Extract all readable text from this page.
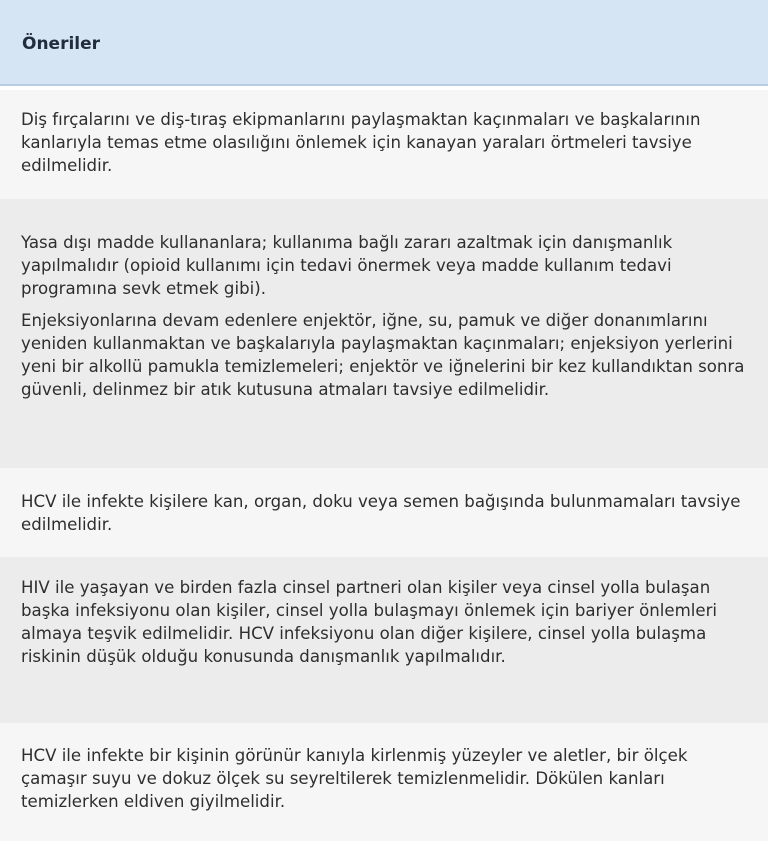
Öneriler

Diş fırçalarını ve diş-tıraş ekipmanlarını paylaşmaktan kaçınmaları ve başkalarının kanlarıyla temas etme olasılığını önlemek için kanayan yaraları örtmeleri tavsiye edilmelidir.

Yasa dışı madde kullananlara; kullanıma bağlı zararı azaltmak için danışmanlık yapılmalıdır (opioid kullanımı için tedavi önermek veya madde kullanım tedavi programına sevk etmek gibi).

Enjeksiyonlarına devam edenlere enjektör, iğne, su, pamuk ve diğer donanımlarını yeniden kullanmaktan ve başkalarıyla paylaşmaktan kaçınmaları; enjeksiyon yerlerini yeni bir alkollü pamukla temizlemeleri; enjektör ve iğnelerini bir kez kullandıktan sonra güvenli, delinmez bir atık kutusuna atmaları tavsiye edilmelidir.

HCV ile infekte kişilere kan, organ, doku veya semen bağışında bulunmamaları tavsiye edilmelidir.

HIV ile yaşayan ve birden fazla cinsel partneri olan kişiler veya cinsel yolla bulaşan başka infeksiyonu olan kişiler, cinsel yolla bulaşmayı önlemek için bariyer önlemleri almaya teşvik edilmelidir. HCV infeksiyonu olan diğer kişilere, cinsel yolla bulaşma riskinin düşük olduğu konusunda danışmanlık yapılmalıdır.

HCV ile infekte bir kişinin görünür kanıyla kirlenmiş yüzeyler ve aletler, bir ölçek çamaşır suyu ve dokuz ölçek su seyreltilerek temizlenmelidir. Dökülen kanları temizlerken eldiven giyilmelidir.
